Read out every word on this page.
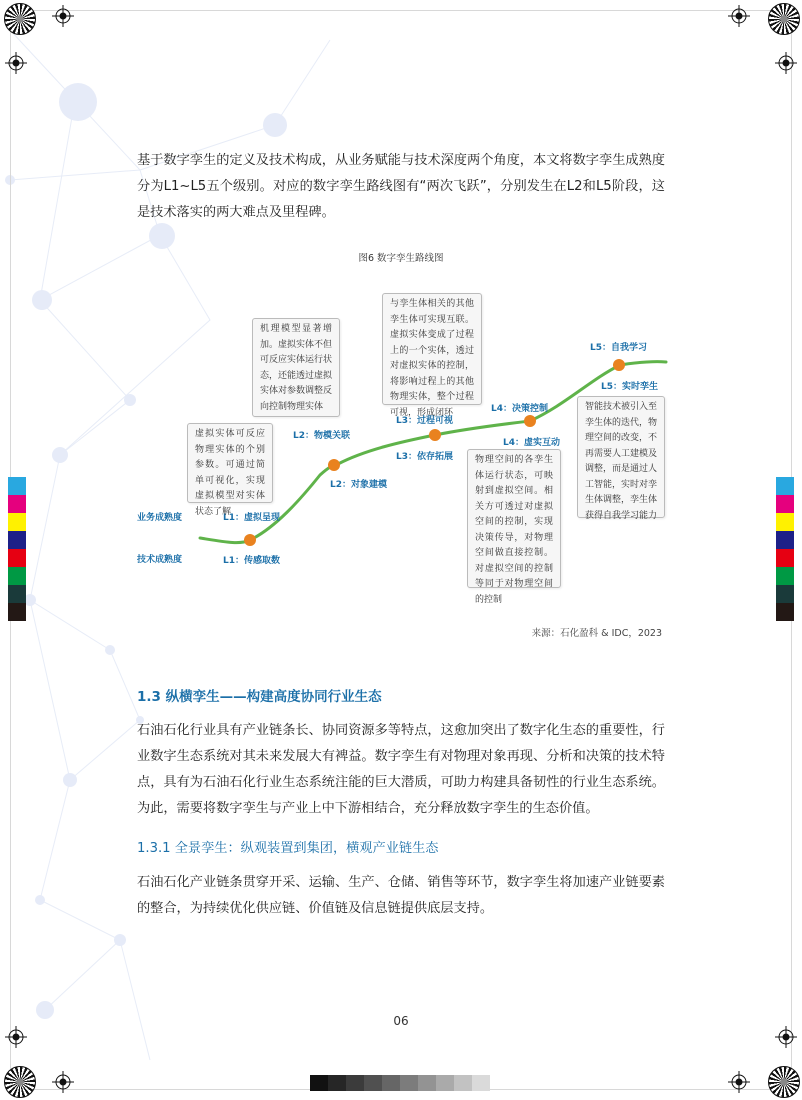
基于数字孪生的定义及技术构成，从业务赋能与技术深度两个角度，本文将数字孪生成熟度分为L1~L5五个级别。对应的数字孪生路线图有“两次飞跃”，分别发生在L2和L5阶段，这是技术落实的两大难点及里程碑。
图6 数字孪生路线图
业务成熟度
技术成熟度
L1：虚拟呈现
L1：传感取数
L2：物模关联
L2：对象建模
L3：过程可视
L3：依存拓展
L4：决策控制
L4：虚实互动
L5：自我学习
L5：实时孪生
虚拟实体可反应物理实体的个别参数。可通过简单可视化，实现虚拟模型对实体状态了解
机理模型显著增加。虚拟实体不但可反应实体运行状态，还能透过虚拟实体对参数调整反向控制物理实体
与孪生体相关的其他孪生体可实现互联。虚拟实体变成了过程上的一个实体，透过对虚拟实体的控制，将影响过程上的其他物理实体，整个过程可视，形成闭环
物理空间的各孪生体运行状态，可映射到虚拟空间。相关方可透过对虚拟空间的控制，实现决策传导，对物理空间做直接控制。对虚拟空间的控制等同于对物理空间的控制
智能技术被引入至孪生体的迭代，物理空间的改变，不再需要人工建模及调整，而是通过人工智能，实时对孪生体调整，孪生体获得自我学习能力
来源：石化盈科 & IDC，2023
1.3 纵横孪生——构建高度协同行业生态
石油石化行业具有产业链条长、协同资源多等特点，这愈加突出了数字化生态的重要性，行业数字生态系统对其未来发展大有裨益。数字孪生有对物理对象再现、分析和决策的技术特点，具有为石油石化行业生态系统注能的巨大潜质，可助力构建具备韧性的行业生态系统。为此，需要将数字孪生与产业上中下游相结合，充分释放数字孪生的生态价值。
1.3.1 全景孪生：纵观装置到集团，横观产业链生态
石油石化产业链条贯穿开采、运输、生产、仓储、销售等环节，数字孪生将加速产业链要素的整合，为持续优化供应链、价值链及信息链提供底层支持。
06
